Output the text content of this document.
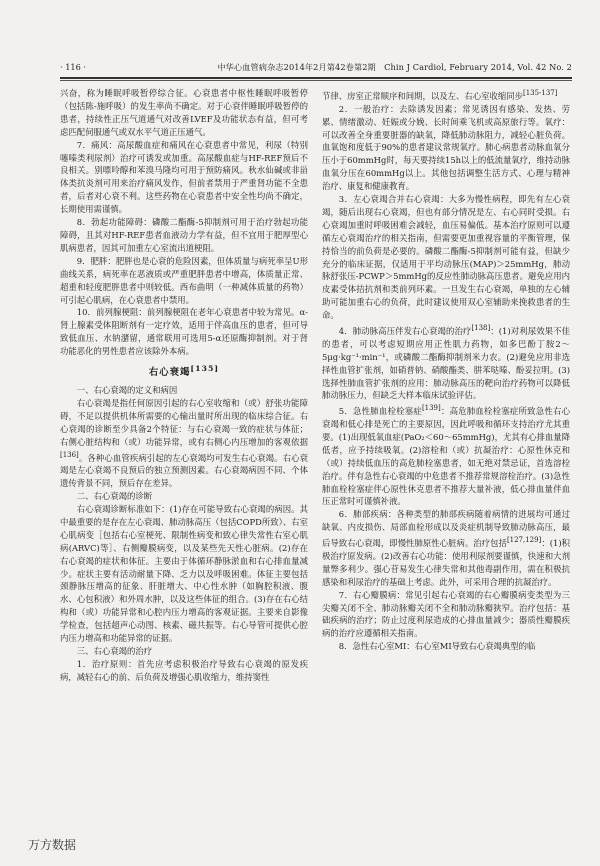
· 116 ·	中华心血管病杂志2014年2月第42卷第2期　Chin J Cardiol, February 2014, Vol. 42 No. 2

兴奋，称为睡眠呼吸暂停综合征。心衰患者中枢性睡眠呼吸暂停（包括陈-施呼吸）的发生率尚不确定。对于心衰伴睡眠呼吸暂停的患者，持续性正压气道通气对改善LVEF及功能状态有益，但可考虑匹配伺服通气或双水平气道正压通气。

7．痛风：高尿酸血症和痛风在心衰患者中常见，利尿（特别噻嗪类利尿剂）治疗可诱发或加重。高尿酸血症与HF-REF预后不良相关。别嘌呤醇和苯溴马隆均可用于预防痛风。秋水仙碱或非甾体类抗炎剂可用来治疗痛风发作，但前者禁用于严重肾功能不全患者，后者对心衰不利。这些药物在心衰患者中安全性均尚不确定，长期使用需谨慎。

8．勃起功能障碍：磷酸二酯酶-5抑制剂可用于治疗勃起功能障碍，且其对HF-REF患者血液动力学有益，但不宜用于肥厚型心肌病患者，因其可加重左心室流出道梗阻。

9．肥胖：肥胖也是心衰的危险因素，但体质量与病死率呈U形曲线关系，病死率在恶液质或严重肥胖患者中增高，体质量正常、超重和轻度肥胖患者中则较低。西布曲明（一种减体质量的药物）可引起心肌病，在心衰患者中禁用。

10．前列腺梗阻：前列腺梗阻在老年心衰患者中较为常见。α-肾上腺素受体阻断剂有一定疗效，适用于伴高血压的患者，但可导致低血压、水钠潴留，通常联用可选用5-α还原酶抑制剂。对于肾功能恶化的男性患者应该除外本病。

右心衰竭[135]

一、右心衰竭的定义和病因

右心衰竭是指任何原因引起的右心室收缩和（或）舒张功能障碍，不足以提供机体所需要的心输出量时所出现的临床综合征。右心衰竭的诊断至少具备2个特征：与右心衰竭一致的症状与体征；右侧心脏结构和（或）功能异常，或有右侧心内压增加的客观依据[136]。各种心血管疾病引起的左心衰竭均可发生右心衰竭。右心衰竭是左心衰竭不良预后的独立预测因素。右心衰竭病因不同、个体遗传背景不同，预后存在差异。

二、右心衰竭的诊断

右心衰竭诊断标准如下：(1)存在可能导致右心衰竭的病因。其中最重要的是存在左心衰竭、肺动脉高压（包括COPD所致）、右室心肌病变［包括右心室梗死、限制性病变和致心律失常性右室心肌病(ARVC)等］、右侧瓣膜病变，以及某些先天性心脏病。(2)存在右心衰竭的症状和体征。主要由于体循环静脉淤血和右心排血量减少。症状主要有活动耐量下降、乏力以及呼吸困难。体征主要包括颈静脉压增高的征象、肝脏增大、中心性水肿（如胸腔积液、腹水、心包积液）和外周水肿，以及这些体征的组合。(3)存在右心结构和（或）功能异常和心腔内压力增高的客观证据。主要来自影像学检查，包括超声心动图、核素、磁共振等。右心导管可提供心腔内压力增高和功能异常的证据。

三、右心衰竭的治疗

1．治疗原则：首先应考虑积极治疗导致右心衰竭的原发疾病，减轻右心的前、后负荷及增强心肌收缩力，维持窦性

节律、房室正常顺序和间期，以及左、右心室收缩同步[135-137]

2．一般治疗：去除诱发因素；常见诱因有感染、发热、劳累、情绪激动、妊娠或分娩、长时间乘飞机或高原旅行等。氧疗：可以改善全身重要脏器的缺氧，降低肺动脉阻力，减轻心脏负荷。血氧饱和度低于90%的患者建议常规氧疗。肺心病患者动脉血氧分压小于60mmHg时，每天要持续15h以上的低流量氧疗，维持动脉血氧分压在60mmHg以上。其他包括调整生活方式、心理与精神治疗、康复和健康教育。

3．左心衰竭合并右心衰竭：大多为慢性病程，即先有左心衰竭，随后出现右心衰竭，但也有部分情况是左、右心同时受损。右心衰竭加重时呼吸困难会减轻，血压易偏低。基本治疗原则可以遵循左心衰竭治疗的相关指南，但需要更加重视容量的平衡管理，保持恰当的前负荷是必要的。磷酸二酯酶-5抑制剂可能有益，但缺少充分的临床证据，仅适用于平均动脉压(MAP)＞25mmHg，肺动脉舒张压-PCWP＞5mmHg的反应性肺动脉高压患者。避免应用内皮素受体拮抗剂和类前列环素。一旦发生右心衰竭，单独的左心辅助可能加重右心的负荷，此时建议使用双心室辅助来挽救患者的生命。

4．肺动脉高压伴发右心衰竭的治疗[138]：(1)对利尿效果不佳的患者，可以考虑短期应用正性肌力药物，如多巴酚丁胺2～5μg·kg⁻¹·min⁻¹，或磷酸二酯酶抑制剂米力农。(2)避免应用非选择性血管扩张剂，如硝普钠、硝酸酯类、肼苯哒嗪、酚妥拉明。(3)选择性肺血管扩张剂的应用：肺动脉高压的靶向治疗药物可以降低肺动脉压力，但缺乏大样本临床试验评估。

5．急性肺血栓栓塞症[139]：高危肺血栓栓塞症所致急性右心衰竭和低心排是死亡的主要原因，因此呼吸和循环支持治疗尤其重要。(1)出现低氧血症(PaO₂＜60～65mmHg)，尤其有心排血量降低者，应予持续吸氧。(2)溶栓和（或）抗凝治疗：心原性休克和（或）持续低血压的高危肺栓塞患者，如无绝对禁忌证，首选溶栓治疗。伴有急性右心衰竭的中危患者不推荐常规溶栓治疗。(3)急性肺血栓栓塞症伴心原性休克患者不推荐大量补液，低心排血量伴血压正常时可谨慎补液。

6．肺部疾病：各种类型的肺部疾病随着病情的进展均可通过缺氧、内皮损伤、局部血栓形成以及炎症机制导致肺动脉高压，最后导致右心衰竭，即慢性肺原性心脏病。治疗包括[127,129]：(1)积极治疗原发病。(2)改善右心功能：使用利尿剂要谨慎，快速和大剂量弊多利少。强心苷易发生心律失常和其他毒副作用，需在积极抗感染和利尿治疗的基础上考虑。此外，可采用合理的抗凝治疗。

7．右心瓣膜病：常见引起右心衰竭的右心瓣膜病变类型为三尖瓣关闭不全、肺动脉瓣关闭不全和肺动脉瓣狭窄。治疗包括：基础疾病的治疗；防止过度利尿造成的心排血量减少；器质性瓣膜疾病的治疗应遵循相关指南。

8．急性右心室MI：右心室MI导致右心衰竭典型的临

万方数据
